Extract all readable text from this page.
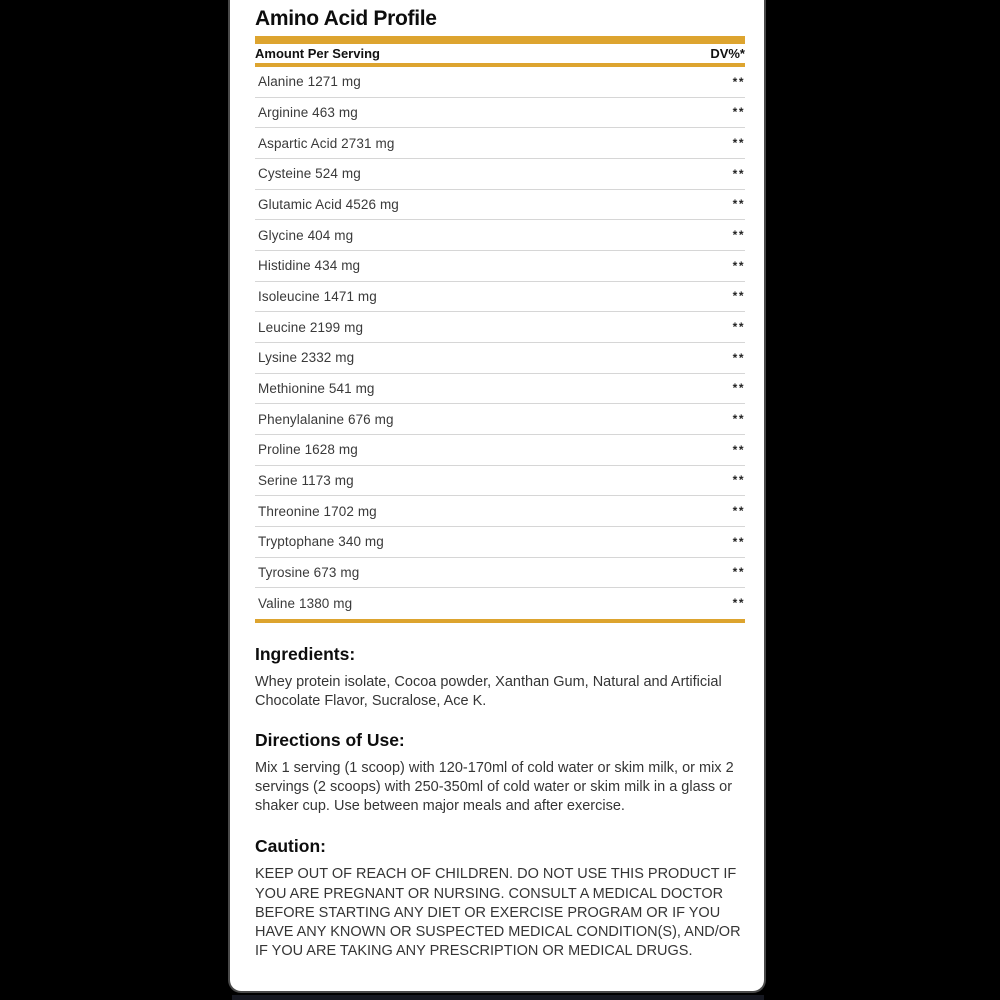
Amino Acid Profile
Amount Per Serving	DV%*
Alanine 1271 mg	**
Arginine 463 mg	**
Aspartic Acid 2731 mg	**
Cysteine 524 mg	**
Glutamic Acid 4526 mg	**
Glycine 404 mg	**
Histidine 434 mg	**
Isoleucine 1471 mg	**
Leucine 2199 mg	**
Lysine 2332 mg	**
Methionine 541 mg	**
Phenylalanine 676 mg	**
Proline 1628 mg	**
Serine 1173 mg	**
Threonine 1702 mg	**
Tryptophane 340 mg	**
Tyrosine 673 mg	**
Valine 1380 mg	**
Ingredients:

Whey protein isolate, Cocoa powder, Xanthan Gum, Natural and Artificial Chocolate Flavor, Sucralose, Ace K.

Directions of Use:

Mix 1 serving (1 scoop) with 120-170ml of cold water or skim milk, or mix 2 servings (2 scoops) with 250-350ml of cold water or skim milk in a glass or shaker cup. Use between major meals and after exercise.

Caution:

KEEP OUT OF REACH OF CHILDREN. DO NOT USE THIS PRODUCT IF YOU ARE PREGNANT OR NURSING. CONSULT A MEDICAL DOCTOR BEFORE STARTING ANY DIET OR EXERCISE PROGRAM OR IF YOU HAVE ANY KNOWN OR SUSPECTED MEDICAL CONDITION(S), AND/OR IF YOU ARE TAKING ANY PRESCRIPTION OR MEDICAL DRUGS.
